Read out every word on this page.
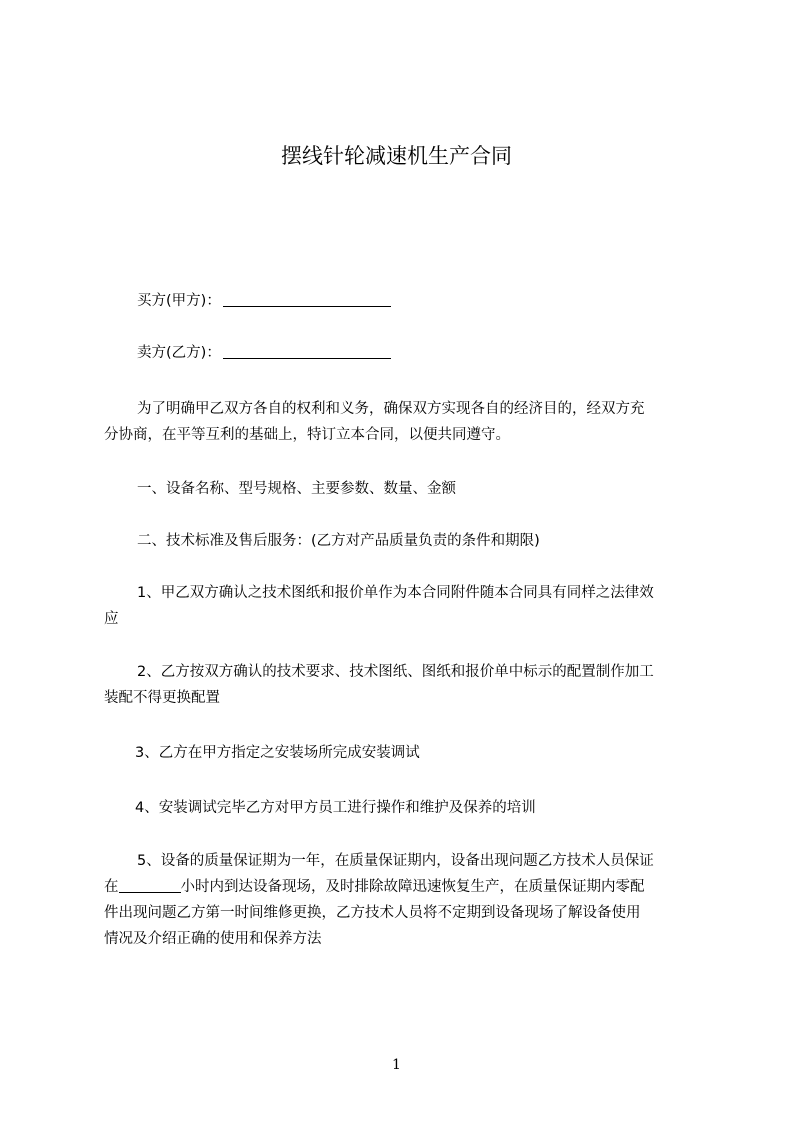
摆线针轮减速机生产合同
买方(甲方)：
卖方(乙方)：
为了明确甲乙双方各自的权利和义务，确保双方实现各自的经济目的，经双方充
分协商，在平等互利的基础上，特订立本合同，以便共同遵守。
一、设备名称、型号规格、主要参数、数量、金额
二、技术标准及售后服务：(乙方对产品质量负责的条件和期限)
1、甲乙双方确认之技术图纸和报价单作为本合同附件随本合同具有同样之法律效
应
2、乙方按双方确认的技术要求、技术图纸、图纸和报价单中标示的配置制作加工
装配不得更换配置
3、乙方在甲方指定之安装场所完成安装调试
4、安装调试完毕乙方对甲方员工进行操作和维护及保养的培训
5、设备的质量保证期为一年，在质量保证期内，设备出现问题乙方技术人员保证
在	小时内到达设备现场，及时排除故障迅速恢复生产，在质量保证期内零配
件出现问题乙方第一时间维修更换，乙方技术人员将不定期到设备现场了解设备使用
情况及介绍正确的使用和保养方法
1
